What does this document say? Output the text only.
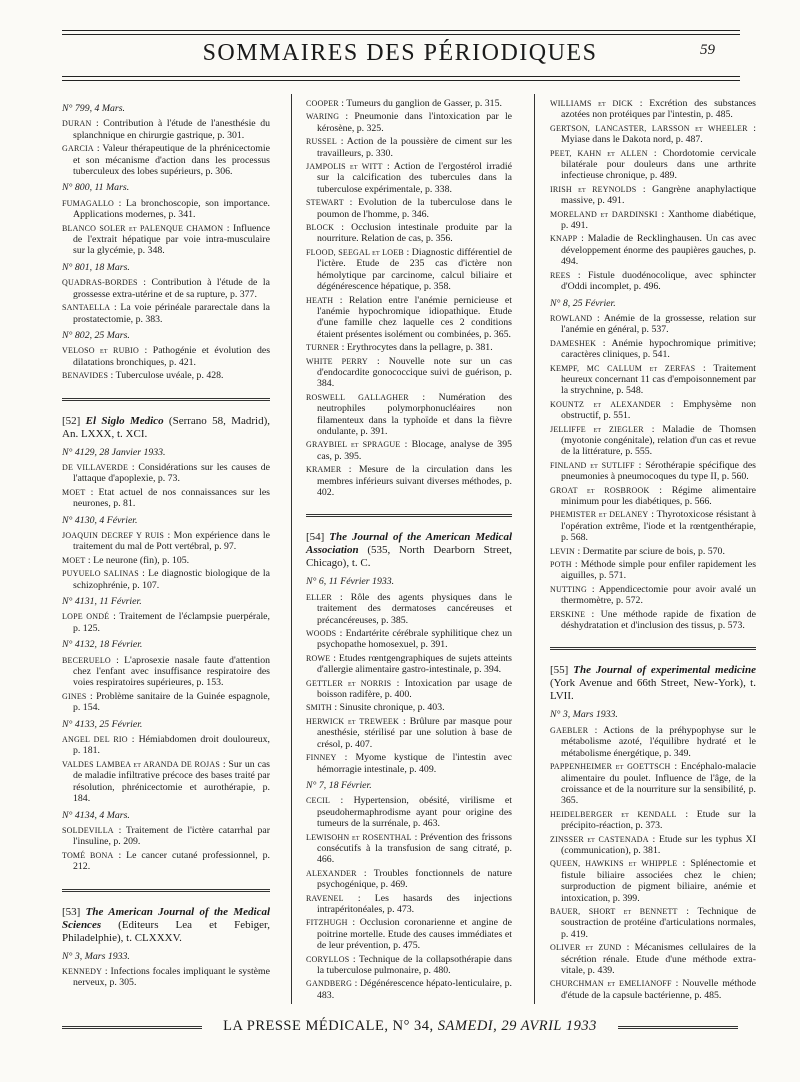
SOMMAIRES DES PÉRIODIQUES	59
N° 799, 4 Mars.

DURAN : Contribution à l'étude de l'anesthésie du splanchnique en chirurgie gastrique, p. 301.

GARCIA : Valeur thérapeutique de la phrénicectomie et son mécanisme d'action dans les processus tuberculeux des lobes supérieurs, p. 306.

N° 800, 11 Mars.

FUMAGALLO : La bronchoscopie, son importance. Applications modernes, p. 341.

BLANCO SOLER et PALENQUE CHAMON : Influence de l'extrait hépatique par voie intra-musculaire sur la glycémie, p. 348.

N° 801, 18 Mars.

QUADRAS-BORDES : Contribution à l'étude de la grossesse extra-utérine et de sa rupture, p. 377.

SANTAELLA : La voie périnéale pararectale dans la prostatectomie, p. 383.

N° 802, 25 Mars.

VELOSO et RUBIO : Pathogénie et évolution des dilatations bronchiques, p. 421.

BENAVIDES : Tuberculose uvéale, p. 428.

[52] El Siglo Medico (Serrano 58, Madrid), An. LXXX, t. XCI.
N° 4129, 28 Janvier 1933.

DE VILLAVERDE : Considérations sur les causes de l'attaque d'apoplexie, p. 73.

MOET : Etat actuel de nos connaissances sur les neurones, p. 81.

N° 4130, 4 Février.

JOAQUIN DECREF Y RUIS : Mon expérience dans le traitement du mal de Pott vertébral, p. 97.

MOET : Le neurone (fin), p. 105.

PUYUELO SALINAS : Le diagnostic biologique de la schizophrénie, p. 107.

N° 4131, 11 Février.

LOPE ONDÉ : Traitement de l'éclampsie puerpérale, p. 125.

N° 4132, 18 Février.

BECERUELO : L'aprosexie nasale faute d'attention chez l'enfant avec insuffisance respiratoire des voies respiratoires supérieures, p. 153.

GINES : Problème sanitaire de la Guinée espagnole, p. 154.

N° 4133, 25 Février.

ANGEL DEL RIO : Hémiabdomen droit douloureux, p. 181.

VALDES LAMBEA et ARANDA DE ROJAS : Sur un cas de maladie infiltrative précoce des bases traité par résolution, phrénicectomie et aurothérapie, p. 184.

N° 4134, 4 Mars.

SOLDEVILLA : Traitement de l'ictère catarrhal par l'insuline, p. 209.

TOMÉ BONA : Le cancer cutané professionnel, p. 212.

[53] The American Journal of the Medical Sciences (Editeurs Lea et Febiger, Philadelphie), t. CLXXXV.
N° 3, Mars 1933.

KENNEDY : Infections focales impliquant le système nerveux, p. 305.

COOPER : Tumeurs du ganglion de Gasser, p. 315.

WARING : Pneumonie dans l'intoxication par le kérosène, p. 325.

RUSSEL : Action de la poussière de ciment sur les travailleurs, p. 330.

JAMPOLIS et WITT : Action de l'ergostérol irradié sur la calcification des tubercules dans la tuberculose expérimentale, p. 338.

STEWART : Evolution de la tuberculose dans le poumon de l'homme, p. 346.

BLOCK : Occlusion intestinale produite par la nourriture. Relation de cas, p. 356.

FLOOD, SEEGAL et LOEB : Diagnostic différentiel de l'ictère. Etude de 235 cas d'ictère non hémolytique par carcinome, calcul biliaire et dégénérescence hépatique, p. 358.

HEATH : Relation entre l'anémie pernicieuse et l'anémie hypochromique idiopathique. Etude d'une famille chez laquelle ces 2 conditions étaient présentes isolément ou combinées, p. 365.

TURNER : Erythrocytes dans la pellagre, p. 381.

WHITE PERRY : Nouvelle note sur un cas d'endocardite gonococcique suivi de guérison, p. 384.

ROSWELL GALLAGHER : Numération des neutrophiles polymorphonucléaires non filamenteux dans la typhoïde et dans la fièvre ondulante, p. 391.

GRAYBIEL et SPRAGUE : Blocage, analyse de 395 cas, p. 395.

KRAMER : Mesure de la circulation dans les membres inférieurs suivant diverses méthodes, p. 402.

[54] The Journal of the American Medical Association (535, North Dearborn Street, Chicago), t. C.
N° 6, 11 Février 1933.

ELLER : Rôle des agents physiques dans le traitement des dermatoses cancéreuses et précancéreuses, p. 385.

WOODS : Endartérite cérébrale syphilitique chez un psychopathe homosexuel, p. 391.

ROWE : Etudes rœntgengraphiques de sujets atteints d'allergie alimentaire gastro-intestinale, p. 394.

GETTLER et NORRIS : Intoxication par usage de boisson radifère, p. 400.

SMITH : Sinusite chronique, p. 403.

HERWICK et TREWEEK : Brûlure par masque pour anesthésie, stérilisé par une solution à base de crésol, p. 407.

FINNEY : Myome kystique de l'intestin avec hémorragie intestinale, p. 409.

N° 7, 18 Février.

CECIL : Hypertension, obésité, virilisme et pseudohermaphrodisme ayant pour origine des tumeurs de la surrénale, p. 463.

LEWISOHN et ROSENTHAL : Prévention des frissons consécutifs à la transfusion de sang citraté, p. 466.

ALEXANDER : Troubles fonctionnels de nature psychogénique, p. 469.

RAVENEL : Les hasards des injections intrapéritonéales, p. 473.

FITZHUGH : Occlusion coronarienne et angine de poitrine mortelle. Etude des causes immédiates et de leur prévention, p. 475.

CORYLLOS : Technique de la collapsothérapie dans la tuberculose pulmonaire, p. 480.

GANDBERG : Dégénérescence hépato-lenticulaire, p. 483.

WILLIAMS et DICK : Excrétion des substances azotées non protéiques par l'intestin, p. 485.

GERTSON, LANCASTER, LARSSON et WHEELER : Myiase dans le Dakota nord, p. 487.

PEET, KAHN et ALLEN : Chordotomie cervicale bilatérale pour douleurs dans une arthrite infectieuse chronique, p. 489.

IRISH et REYNOLDS : Gangrène anaphylactique massive, p. 491.

MORELAND et DARDINSKI : Xanthome diabétique, p. 491.

KNAPP : Maladie de Recklinghausen. Un cas avec développement énorme des paupières gauches, p. 494.

REES : Fistule duodénocolique, avec sphincter d'Oddi incomplet, p. 496.

N° 8, 25 Février.

ROWLAND : Anémie de la grossesse, relation sur l'anémie en général, p. 537.

DAMESHEK : Anémie hypochromique primitive; caractères cliniques, p. 541.

KEMPF, MC CALLUM et ZERFAS : Traitement heureux concernant 11 cas d'empoisonnement par la strychnine, p. 548.

KOUNTZ et ALEXANDER : Emphysème non obstructif, p. 551.

JELLIFFE et ZIEGLER : Maladie de Thomsen (myotonie congénitale), relation d'un cas et revue de la littérature, p. 555.

FINLAND et SUTLIFF : Sérothérapie spécifique des pneumonies à pneumocoques du type II, p. 560.

GROAT et ROSBROOK : Régime alimentaire minimum pour les diabétiques, p. 566.

PHEMISTER et DELANEY : Thyrotoxicose résistant à l'opération extrême, l'iode et la rœntgenthérapie, p. 568.

LEVIN : Dermatite par sciure de bois, p. 570.

POTH : Méthode simple pour enfiler rapidement les aiguilles, p. 571.

NUTTING : Appendicectomie pour avoir avalé un thermomètre, p. 572.

ERSKINE : Une méthode rapide de fixation de déshydratation et d'inclusion des tissus, p. 573.

[55] The Journal of experimental medicine (York Avenue and 66th Street, New-York), t. LVII.
N° 3, Mars 1933.

GAEBLER : Actions de la préhypophyse sur le métabolisme azoté, l'équilibre hydraté et le métabolisme énergétique, p. 349.

PAPPENHEIMER et GOETTSCH : Encéphalo-malacie alimentaire du poulet. Influence de l'âge, de la croissance et de la nourriture sur la sensibilité, p. 365.

HEIDELBERGER et KENDALL : Etude sur la précipito-réaction, p. 373.

ZINSSER et CASTENADA : Etude sur les typhus XI (communication), p. 381.

QUEEN, HAWKINS et WHIPPLE : Splénectomie et fistule biliaire associées chez le chien; surproduction de pigment biliaire, anémie et intoxication, p. 399.

BAUER, SHORT et BENNETT : Technique de soustraction de protéine d'articulations normales, p. 419.

OLIVER et ZUND : Mécanismes cellulaires de la sécrétion rénale. Etude d'une méthode extra-vitale, p. 439.

CHURCHMAN et EMELIANOFF : Nouvelle méthode d'étude de la capsule bactérienne, p. 485.

LA PRESSE MÉDICALE, N° 34, SAMEDI, 29 AVRIL 1933
